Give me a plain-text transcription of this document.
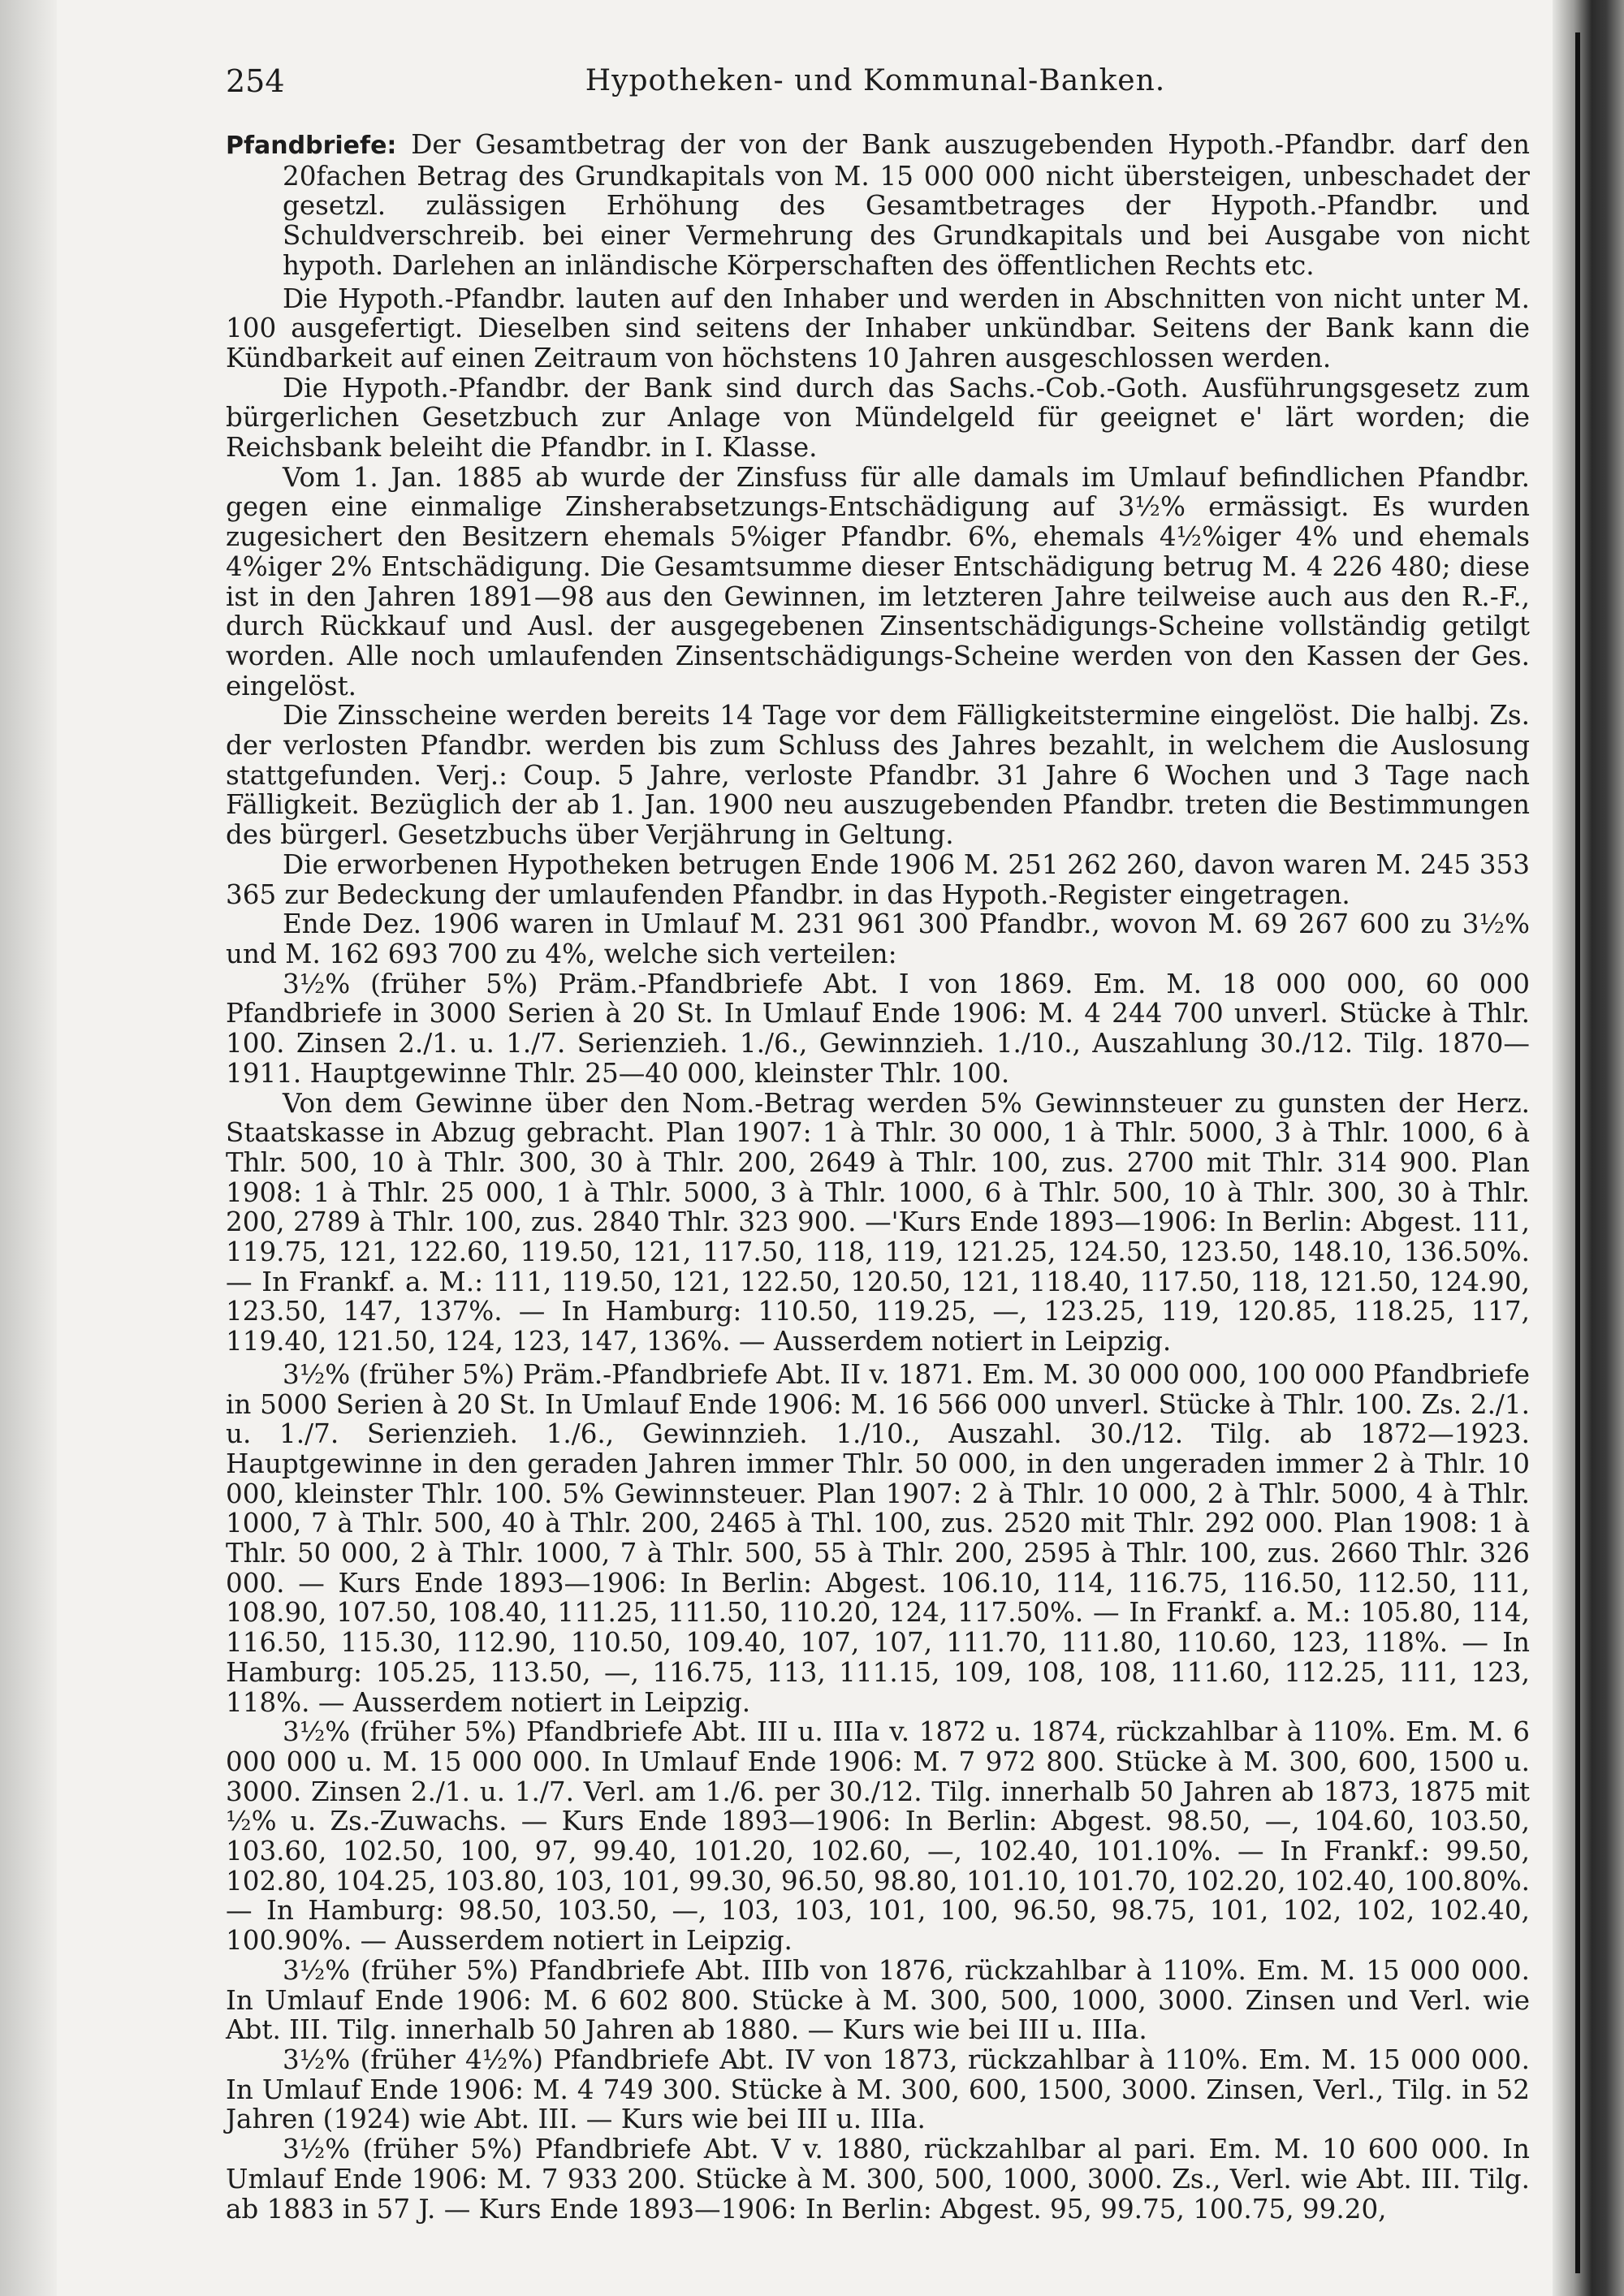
254	Hypotheken- und Kommunal-Banken.

Pfandbriefe: Der Gesamtbetrag der von der Bank auszugebenden Hypoth.-Pfandbr. darf den 20fachen Betrag des Grundkapitals von M. 15 000 000 nicht übersteigen, unbeschadet der gesetzl. zulässigen Erhöhung des Gesamtbetrages der Hypoth.-Pfandbr. und Schuldverschreib. bei einer Vermehrung des Grundkapitals und bei Ausgabe von nicht hypoth. Darlehen an inländische Körperschaften des öffentlichen Rechts etc.

Die Hypoth.-Pfandbr. lauten auf den Inhaber und werden in Abschnitten von nicht unter M. 100 ausgefertigt. Dieselben sind seitens der Inhaber unkündbar. Seitens der Bank kann die Kündbarkeit auf einen Zeitraum von höchstens 10 Jahren ausgeschlossen werden.

Die Hypoth.-Pfandbr. der Bank sind durch das Sachs.-Cob.-Goth. Ausführungsgesetz zum bürgerlichen Gesetzbuch zur Anlage von Mündelgeld für geeignet e' lärt worden; die Reichsbank beleiht die Pfandbr. in I. Klasse.

Vom 1. Jan. 1885 ab wurde der Zinsfuss für alle damals im Umlauf befindlichen Pfandbr. gegen eine einmalige Zinsherabsetzungs-Entschädigung auf 3½% ermässigt. Es wurden zugesichert den Besitzern ehemals 5%iger Pfandbr. 6%, ehemals 4½%iger 4% und ehemals 4%iger 2% Entschädigung. Die Gesamtsumme dieser Entschädigung betrug M. 4 226 480; diese ist in den Jahren 1891—98 aus den Gewinnen, im letzteren Jahre teilweise auch aus den R.-F., durch Rückkauf und Ausl. der ausgegebenen Zinsentschädigungs-Scheine vollständig getilgt worden. Alle noch umlaufenden Zinsentschädigungs-Scheine werden von den Kassen der Ges. eingelöst.

Die Zinsscheine werden bereits 14 Tage vor dem Fälligkeitstermine eingelöst. Die halbj. Zs. der verlosten Pfandbr. werden bis zum Schluss des Jahres bezahlt, in welchem die Auslosung stattgefunden. Verj.: Coup. 5 Jahre, verloste Pfandbr. 31 Jahre 6 Wochen und 3 Tage nach Fälligkeit. Bezüglich der ab 1. Jan. 1900 neu auszugebenden Pfandbr. treten die Bestimmungen des bürgerl. Gesetzbuchs über Verjährung in Geltung.

Die erworbenen Hypotheken betrugen Ende 1906 M. 251 262 260, davon waren M. 245 353 365 zur Bedeckung der umlaufenden Pfandbr. in das Hypoth.-Register eingetragen.

Ende Dez. 1906 waren in Umlauf M. 231 961 300 Pfandbr., wovon M. 69 267 600 zu 3½% und M. 162 693 700 zu 4%, welche sich verteilen:

3½% (früher 5%) Präm.-Pfandbriefe Abt. I von 1869. Em. M. 18 000 000, 60 000 Pfandbriefe in 3000 Serien à 20 St. In Umlauf Ende 1906: M. 4 244 700 unverl. Stücke à Thlr. 100. Zinsen 2./1. u. 1./7. Serienzieh. 1./6., Gewinnzieh. 1./10., Auszahlung 30./12. Tilg. 1870—1911. Hauptgewinne Thlr. 25—40 000, kleinster Thlr. 100.

Von dem Gewinne über den Nom.-Betrag werden 5% Gewinnsteuer zu gunsten der Herz. Staatskasse in Abzug gebracht. Plan 1907: 1 à Thlr. 30 000, 1 à Thlr. 5000, 3 à Thlr. 1000, 6 à Thlr. 500, 10 à Thlr. 300, 30 à Thlr. 200, 2649 à Thlr. 100, zus. 2700 mit Thlr. 314 900. Plan 1908: 1 à Thlr. 25 000, 1 à Thlr. 5000, 3 à Thlr. 1000, 6 à Thlr. 500, 10 à Thlr. 300, 30 à Thlr. 200, 2789 à Thlr. 100, zus. 2840 Thlr. 323 900. —'Kurs Ende 1893—1906: In Berlin: Abgest. 111, 119.75, 121, 122.60, 119.50, 121, 117.50, 118, 119, 121.25, 124.50, 123.50, 148.10, 136.50%. — In Frankf. a. M.: 111, 119.50, 121, 122.50, 120.50, 121, 118.40, 117.50, 118, 121.50, 124.90, 123.50, 147, 137%. — In Hamburg: 110.50, 119.25, —, 123.25, 119, 120.85, 118.25, 117, 119.40, 121.50, 124, 123, 147, 136%. — Ausserdem notiert in Leipzig.

3½% (früher 5%) Präm.-Pfandbriefe Abt. II v. 1871. Em. M. 30 000 000, 100 000 Pfandbriefe in 5000 Serien à 20 St. In Umlauf Ende 1906: M. 16 566 000 unverl. Stücke à Thlr. 100. Zs. 2./1. u. 1./7. Serienzieh. 1./6., Gewinnzieh. 1./10., Auszahl. 30./12. Tilg. ab 1872—1923. Hauptgewinne in den geraden Jahren immer Thlr. 50 000, in den ungeraden immer 2 à Thlr. 10 000, kleinster Thlr. 100. 5% Gewinnsteuer. Plan 1907: 2 à Thlr. 10 000, 2 à Thlr. 5000, 4 à Thlr. 1000, 7 à Thlr. 500, 40 à Thlr. 200, 2465 à Thl. 100, zus. 2520 mit Thlr. 292 000. Plan 1908: 1 à Thlr. 50 000, 2 à Thlr. 1000, 7 à Thlr. 500, 55 à Thlr. 200, 2595 à Thlr. 100, zus. 2660 Thlr. 326 000. — Kurs Ende 1893—1906: In Berlin: Abgest. 106.10, 114, 116.75, 116.50, 112.50, 111, 108.90, 107.50, 108.40, 111.25, 111.50, 110.20, 124, 117.50%. — In Frankf. a. M.: 105.80, 114, 116.50, 115.30, 112.90, 110.50, 109.40, 107, 107, 111.70, 111.80, 110.60, 123, 118%. — In Hamburg: 105.25, 113.50, —, 116.75, 113, 111.15, 109, 108, 108, 111.60, 112.25, 111, 123, 118%. — Ausserdem notiert in Leipzig.

3½% (früher 5%) Pfandbriefe Abt. III u. IIIa v. 1872 u. 1874, rückzahlbar à 110%. Em. M. 6 000 000 u. M. 15 000 000. In Umlauf Ende 1906: M. 7 972 800. Stücke à M. 300, 600, 1500 u. 3000. Zinsen 2./1. u. 1./7. Verl. am 1./6. per 30./12. Tilg. innerhalb 50 Jahren ab 1873, 1875 mit ½% u. Zs.-Zuwachs. — Kurs Ende 1893—1906: In Berlin: Abgest. 98.50, —, 104.60, 103.50, 103.60, 102.50, 100, 97, 99.40, 101.20, 102.60, —, 102.40, 101.10%. — In Frankf.: 99.50, 102.80, 104.25, 103.80, 103, 101, 99.30, 96.50, 98.80, 101.10, 101.70, 102.20, 102.40, 100.80%. — In Hamburg: 98.50, 103.50, —, 103, 103, 101, 100, 96.50, 98.75, 101, 102, 102, 102.40, 100.90%. — Ausserdem notiert in Leipzig.

3½% (früher 5%) Pfandbriefe Abt. IIIb von 1876, rückzahlbar à 110%. Em. M. 15 000 000. In Umlauf Ende 1906: M. 6 602 800. Stücke à M. 300, 500, 1000, 3000. Zinsen und Verl. wie Abt. III. Tilg. innerhalb 50 Jahren ab 1880. — Kurs wie bei III u. IIIa.

3½% (früher 4½%) Pfandbriefe Abt. IV von 1873, rückzahlbar à 110%. Em. M. 15 000 000. In Umlauf Ende 1906: M. 4 749 300. Stücke à M. 300, 600, 1500, 3000. Zinsen, Verl., Tilg. in 52 Jahren (1924) wie Abt. III. — Kurs wie bei III u. IIIa.

3½% (früher 5%) Pfandbriefe Abt. V v. 1880, rückzahlbar al pari. Em. M. 10 600 000. In Umlauf Ende 1906: M. 7 933 200. Stücke à M. 300, 500, 1000, 3000. Zs., Verl. wie Abt. III. Tilg. ab 1883 in 57 J. — Kurs Ende 1893—1906: In Berlin: Abgest. 95, 99.75, 100.75, 99.20,
